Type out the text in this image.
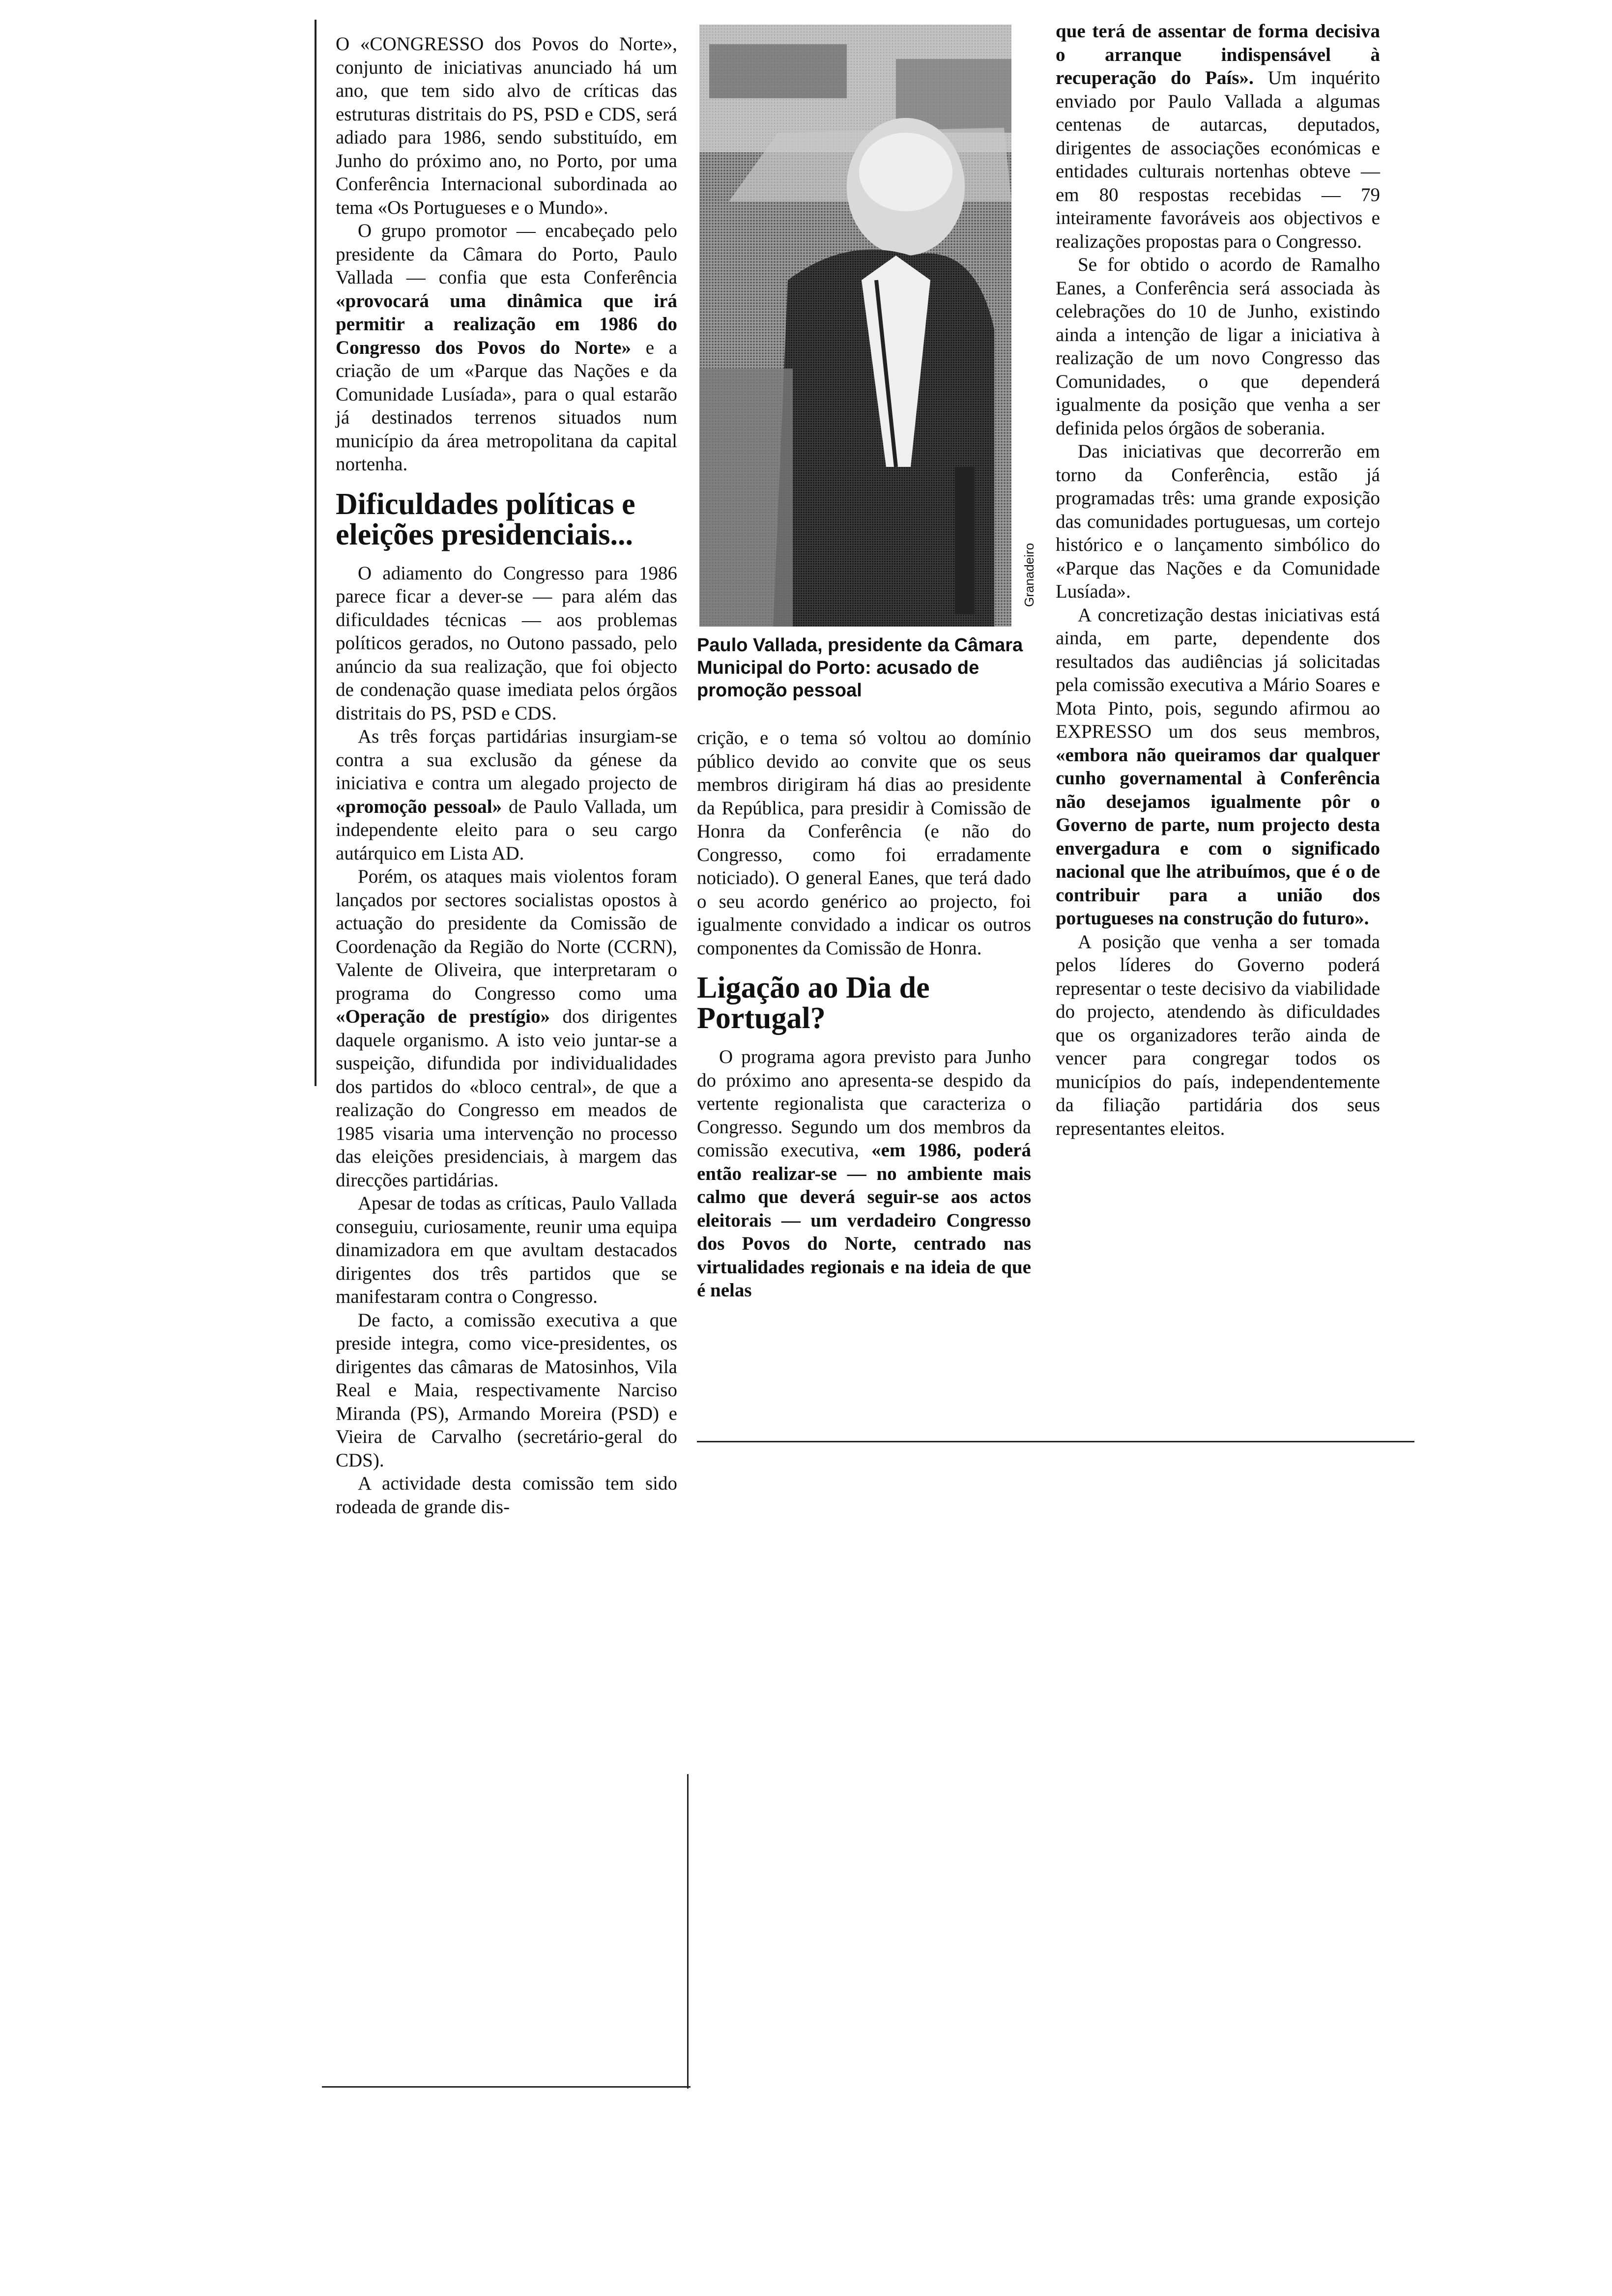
O «CONGRESSO dos Povos do Norte», conjunto de iniciativas anunciado há um ano, que tem sido alvo de críticas das estruturas distritais do PS, PSD e CDS, será adiado para 1986, sendo substituído, em Junho do próximo ano, no Porto, por uma Conferência Internacional subordinada ao tema «Os Portugueses e o Mundo».

O grupo promotor — encabeçado pelo presidente da Câmara do Porto, Paulo Vallada — confia que esta Conferência «provocará uma dinâmica que irá permitir a realização em 1986 do Congresso dos Povos do Norte» e a criação de um «Parque das Nações e da Comunidade Lusíada», para o qual estarão já destinados terrenos situados num município da área metropolitana da capital nortenha.

Dificuldades políticas e eleições presidenciais...

O adiamento do Congresso para 1986 parece ficar a dever-se — para além das dificuldades técnicas — aos problemas políticos gerados, no Outono passado, pelo anúncio da sua realização, que foi objecto de condenação quase imediata pelos órgãos distritais do PS, PSD e CDS.

As três forças partidárias insurgiam-se contra a sua exclusão da génese da iniciativa e contra um alegado projecto de «promoção pessoal» de Paulo Vallada, um independente eleito para o seu cargo autárquico em Lista AD.

Porém, os ataques mais violentos foram lançados por sectores socialistas opostos à actuação do presidente da Comissão de Coordenação da Região do Norte (CCRN), Valente de Oliveira, que interpretaram o programa do Congresso como uma «Operação de prestígio» dos dirigentes daquele organismo. A isto veio juntar-se a suspeição, difundida por individualidades dos partidos do «bloco central», de que a realização do Congresso em meados de 1985 visaria uma intervenção no processo das eleições presidenciais, à margem das direcções partidárias.

Apesar de todas as críticas, Paulo Vallada conseguiu, curiosamente, reunir uma equipa dinamizadora em que avultam destacados dirigentes dos três partidos que se manifestaram contra o Congresso.

De facto, a comissão executiva a que preside integra, como vice-presidentes, os dirigentes das câmaras de Matosinhos, Vila Real e Maia, respectivamente Narciso Miranda (PS), Armando Moreira (PSD) e Vieira de Carvalho (secretário-geral do CDS).

A actividade desta comissão tem sido rodeada de grande dis-

Granadeiro
Paulo Vallada, presidente da Câmara Municipal do Porto: acusado de promoção pessoal

crição, e o tema só voltou ao domínio público devido ao convite que os seus membros dirigiram há dias ao presidente da República, para presidir à Comissão de Honra da Conferência (e não do Congresso, como foi erradamente noticiado). O general Eanes, que terá dado o seu acordo genérico ao projecto, foi igualmente convidado a indicar os outros componentes da Comissão de Honra.

Ligação ao Dia de Portugal?

O programa agora previsto para Junho do próximo ano apresenta-se despido da vertente regionalista que caracteriza o Congresso. Segundo um dos membros da comissão executiva, «em 1986, poderá então realizar-se — no ambiente mais calmo que deverá seguir-se aos actos eleitorais — um verdadeiro Congresso dos Povos do Norte, centrado nas virtualidades regionais e na ideia de que é nelas

que terá de assentar de forma decisiva o arranque indispensável à recuperação do País». Um inquérito enviado por Paulo Vallada a algumas centenas de autarcas, deputados, dirigentes de associações económicas e entidades culturais nortenhas obteve — em 80 respostas recebidas — 79 inteiramente favoráveis aos objectivos e realizações propostas para o Congresso.

Se for obtido o acordo de Ramalho Eanes, a Conferência será associada às celebrações do 10 de Junho, existindo ainda a intenção de ligar a iniciativa à realização de um novo Congresso das Comunidades, o que dependerá igualmente da posição que venha a ser definida pelos órgãos de soberania.

Das iniciativas que decorrerão em torno da Conferência, estão já programadas três: uma grande exposição das comunidades portuguesas, um cortejo histórico e o lançamento simbólico do «Parque das Nações e da Comunidade Lusíada».

A concretização destas iniciativas está ainda, em parte, dependente dos resultados das audiências já solicitadas pela comissão executiva a Mário Soares e Mota Pinto, pois, segundo afirmou ao EXPRESSO um dos seus membros, «embora não queiramos dar qualquer cunho governamental à Conferência não desejamos igualmente pôr o Governo de parte, num projecto desta envergadura e com o significado nacional que lhe atribuímos, que é o de contribuir para a união dos portugueses na construção do futuro».

A posição que venha a ser tomada pelos líderes do Governo poderá representar o teste decisivo da viabilidade do projecto, atendendo às dificuldades que os organizadores terão ainda de vencer para congregar todos os municípios do país, independentemente da filiação partidária dos seus representantes eleitos.
